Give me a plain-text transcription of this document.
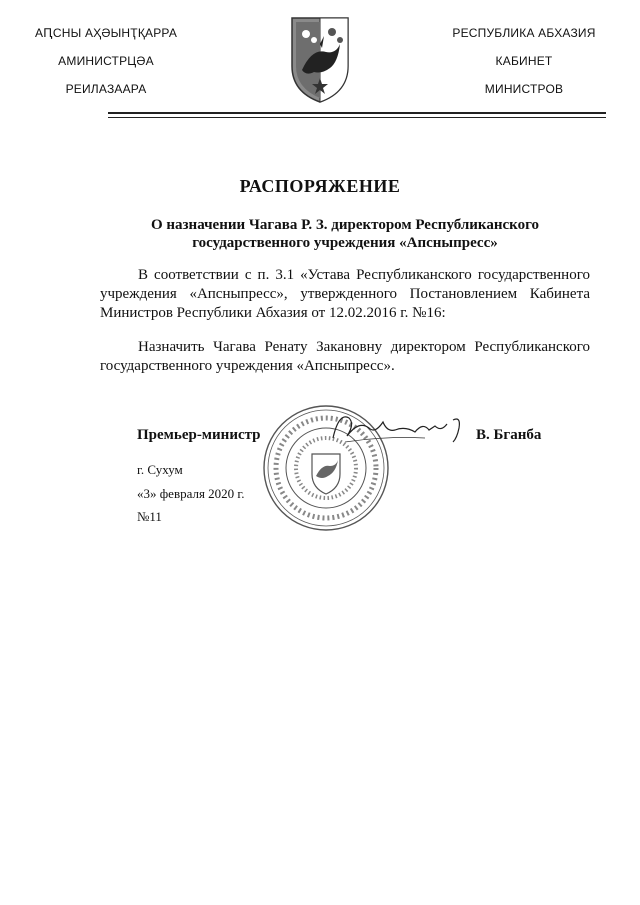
АԤСНЫ АҲӘЫНҬҚАРРА
АМИНИСТРЦӘА
РЕИЛАЗААРА
РЕСПУБЛИКА АБХАЗИЯ
КАБИНЕТ
МИНИСТРОВ
РАСПОРЯЖЕНИЕ
О назначении Чагава Р. З. директором Республиканского
государственного учреждения «Апсныпресс»

В соответствии с п. 3.1 «Устава Республиканского государственного учреждения «Апсныпресс», утвержденного Постановлением Кабинета Министров Республики Абхазия от 12.02.2016 г. №16:

Назначить Чагава Ренату Закановну директором Республиканского государственного учреждения «Апсныпресс».

Премьер-министр	В. Бганба
г. Сухум
«3» февраля 2020 г.
№11
